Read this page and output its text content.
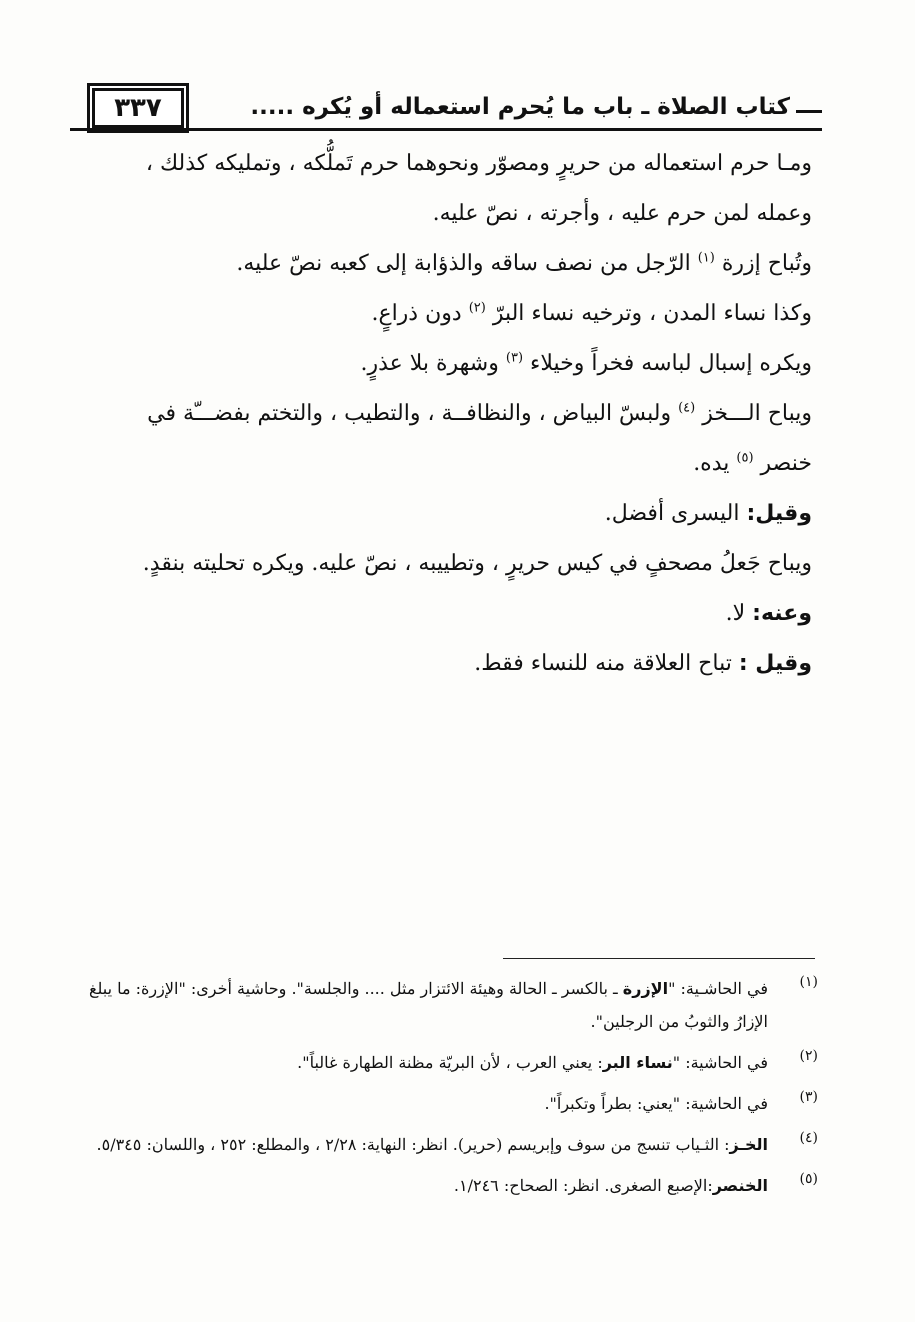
٣٣٧	كتاب الصلاة ـ باب ما يُحرم استعماله أو يُكره .....
ومـا حرم استعماله من حريرٍ ومصوّر ونحوهما حرم تَملُّكه ، وتمليكه كذلك ،
وعمله لمن حرم عليه ، وأجرته ، نصّ عليه.
وتُباح إزرة $^{(١)}$ الرّجل من نصف ساقه والذؤابة إلى كعبه نصّ عليه.
وكذا نساء المدن ، وترخيه نساء البرّ $^{(٢)}$ دون ذراعٍ.
ويكره إسبال لباسه فخراً وخيلاء $^{(٣)}$ وشهرة بلا عذرٍ.
ويباح الـــخز $^{(٤)}$ ولبسّ البياض ، والنظافــة ، والتطيب ، والتختم بفضـــّة في
خنصر $^{(٥)}$ يده.
وقيل: اليسرى أفضل.
ويباح جَعلُ مصحفٍ في كيس حريرٍ ، وتطييبه ، نصّ عليه. ويكره تحليته بنقدٍ.
وعنه: لا.
وقيل : تباح العلاقة منه للنساء فقط.
(١)
في الحاشـية: "الإزرة ـ بالكسر ـ الحالة وهيئة الائتزار مثل .... والجلسة". وحاشية أخرى: "الإزرة: ما يبلغ الإزارُ والثوبُ من الرجلين".
(٢)
في الحاشية: "نساء البر: يعني العرب ، لأن البريّة مظنة الطهارة غالباً".
(٣)
في الحاشية: "يعني: بطراً وتكبراً".
(٤)
الخـز: الثـياب تنسج من سوف وإبريسم (حرير). انظر: النهاية: ٢/٢٨ ، والمطلع: ٢٥٢ ، واللسان: ٥/٣٤٥.
(٥)
الخنصر:الإصبع الصغرى. انظر: الصحاح: ١/٢٤٦.
